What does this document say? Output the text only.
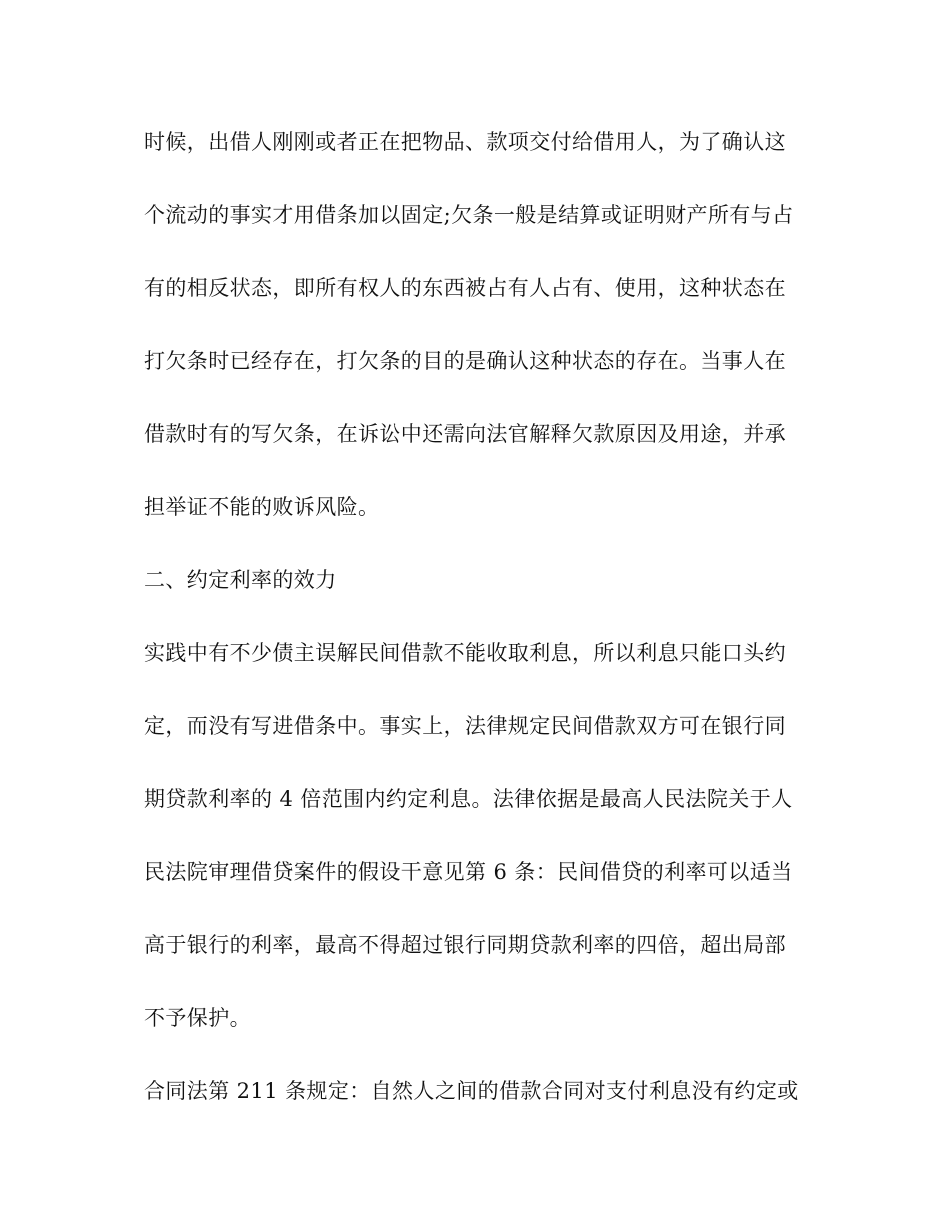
时候，出借人刚刚或者正在把物品、款项交付给借用人，为了确认这
个流动的事实才用借条加以固定;欠条一般是结算或证明财产所有与占
有的相反状态，即所有权人的东西被占有人占有、使用，这种状态在
打欠条时已经存在，打欠条的目的是确认这种状态的存在。当事人在
借款时有的写欠条，在诉讼中还需向法官解释欠款原因及用途，并承
担举证不能的败诉风险。
二、约定利率的效力
实践中有不少债主误解民间借款不能收取利息，所以利息只能口头约
定，而没有写进借条中。事实上，法律规定民间借款双方可在银行同
期贷款利率的 4 倍范围内约定利息。法律依据是最高人民法院关于人
民法院审理借贷案件的假设干意见第 6 条：民间借贷的利率可以适当
高于银行的利率，最高不得超过银行同期贷款利率的四倍，超出局部
不予保护。
合同法第 211 条规定：自然人之间的借款合同对支付利息没有约定或
